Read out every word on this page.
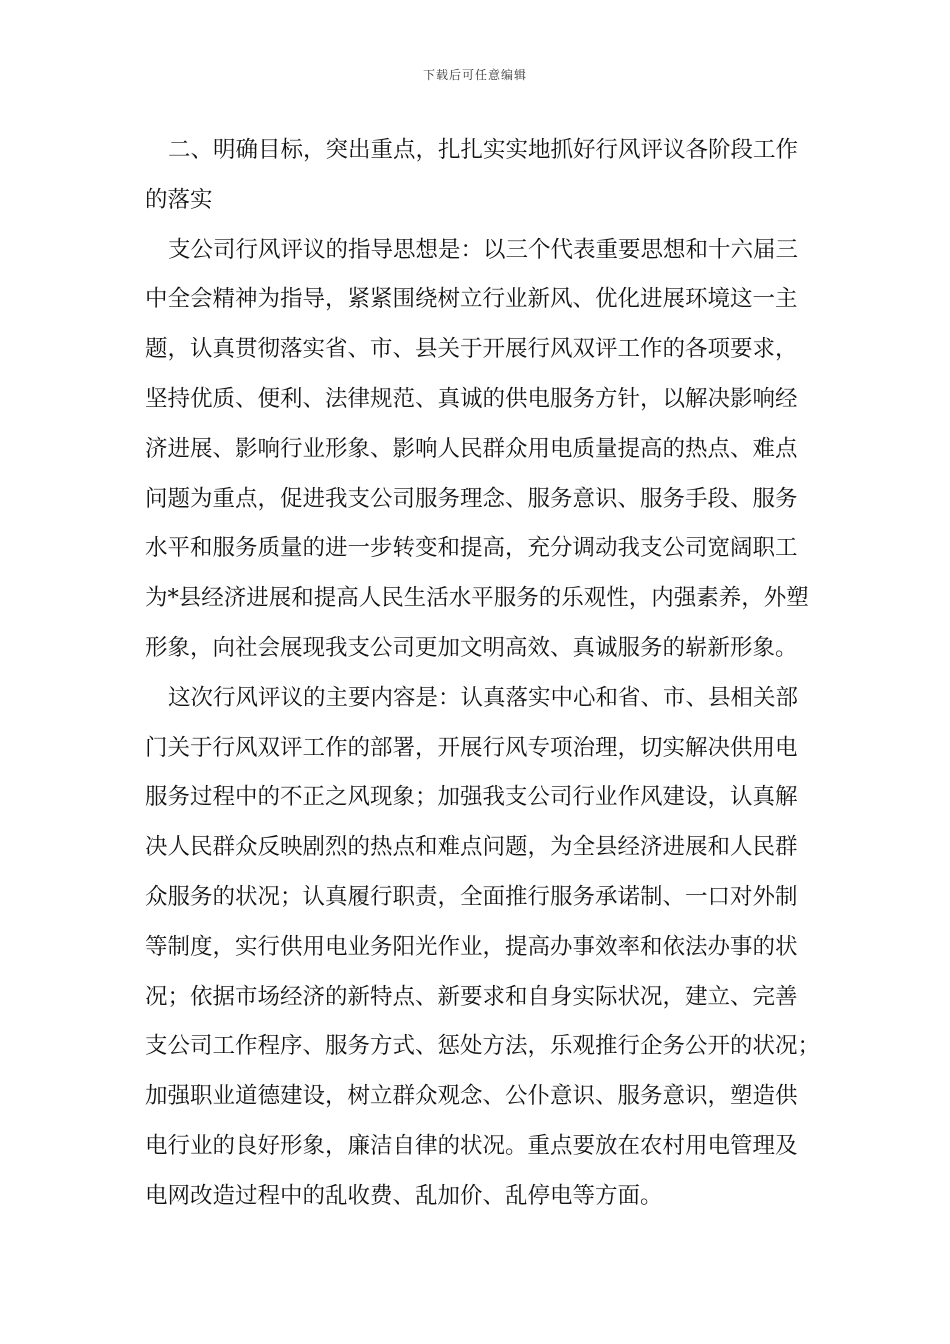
下载后可任意编辑
二、明确目标，突出重点，扎扎实实地抓好行风评议各阶段工作
的落实
支公司行风评议的指导思想是：以三个代表重要思想和十六届三
中全会精神为指导，紧紧围绕树立行业新风、优化进展环境这一主
题，认真贯彻落实省、市、县关于开展行风双评工作的各项要求，
坚持优质、便利、法律规范、真诚的供电服务方针，以解决影响经
济进展、影响行业形象、影响人民群众用电质量提高的热点、难点
问题为重点，促进我支公司服务理念、服务意识、服务手段、服务
水平和服务质量的进一步转变和提高，充分调动我支公司宽阔职工
为*县经济进展和提高人民生活水平服务的乐观性，内强素养，外塑
形象，向社会展现我支公司更加文明高效、真诚服务的崭新形象。
这次行风评议的主要内容是：认真落实中心和省、市、县相关部
门关于行风双评工作的部署，开展行风专项治理，切实解决供用电
服务过程中的不正之风现象；加强我支公司行业作风建设，认真解
决人民群众反映剧烈的热点和难点问题，为全县经济进展和人民群
众服务的状况；认真履行职责，全面推行服务承诺制、一口对外制
等制度，实行供用电业务阳光作业，提高办事效率和依法办事的状
况；依据市场经济的新特点、新要求和自身实际状况，建立、完善
支公司工作程序、服务方式、惩处方法，乐观推行企务公开的状况；
加强职业道德建设，树立群众观念、公仆意识、服务意识，塑造供
电行业的良好形象，廉洁自律的状况。重点要放在农村用电管理及
电网改造过程中的乱收费、乱加价、乱停电等方面。
